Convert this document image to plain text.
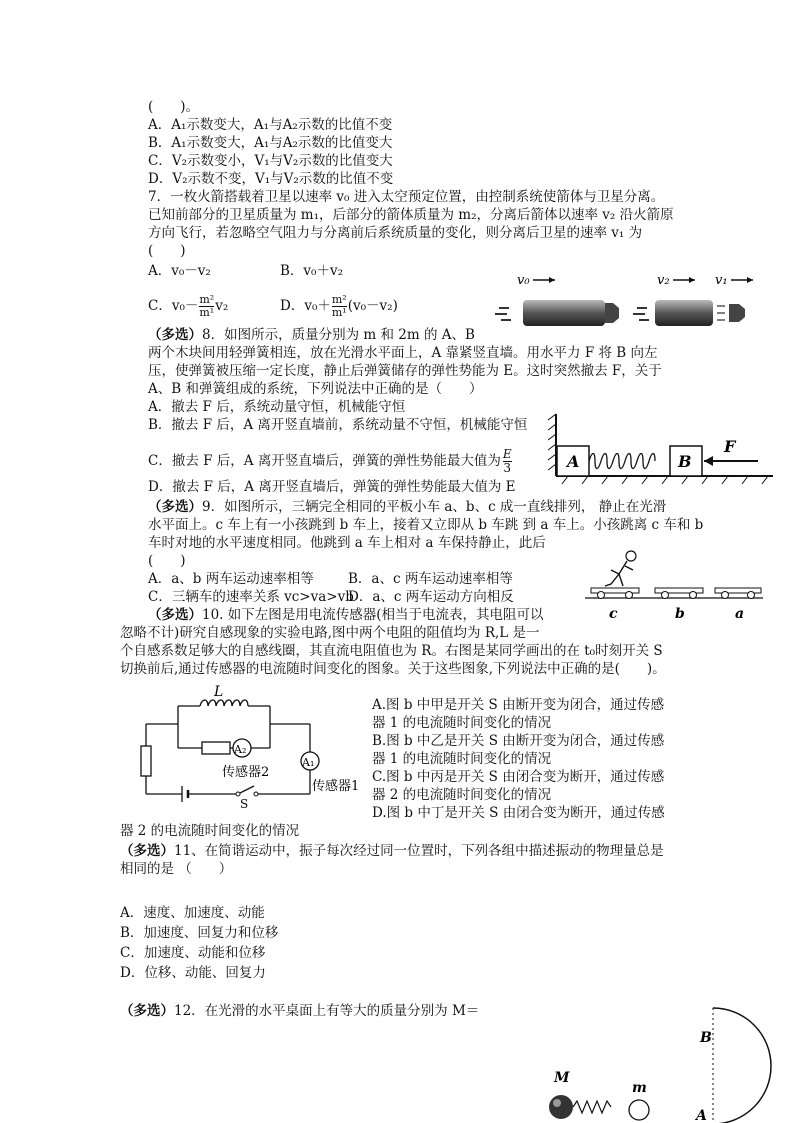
(　　)。
A．A₁示数变大，A₁与A₂示数的比值不变
B．A₁示数变大，A₁与A₂示数的比值变大
C．V₂示数变小，V₁与V₂示数的比值变大
D．V₂示数不变，V₁与V₂示数的比值不变
7．一枚火箭搭载着卫星以速率 v₀ 进入太空预定位置，由控制系统使箭体与卫星分离。
已知前部分的卫星质量为 m₁，后部分的箭体质量为 m₂，分离后箭体以速率 v₂ 沿火箭原
方向飞行，若忽略空气阻力与分离前后系统质量的变化，则分离后卫星的速率 v₁ 为
(　　)
A．v₀－v₂	B．v₀＋v₂
C．$v_0- \frac{\text{m²}}{\text{m¹}} v_2$	D．$v_0+ \frac{\text{m²}}{\text{m¹}} (v_0-v_2)$
v₀	v₂	v₁
（多选）8．如图所示，质量分别为 m 和 2m 的 A、B
两个木块间用轻弹簧相连，放在光滑水平面上，A 靠紧竖直墙。用水平力 F 将 B 向左
压，使弹簧被压缩一定长度，静止后弹簧储存的弹性势能为 E。这时突然撤去 F，关于
A、B 和弹簧组成的系统，下列说法中正确的是（　　）
A．撤去 F 后，系统动量守恒，机械能守恒
B．撤去 F 后，A 离开竖直墙前，系统动量不守恒，机械能守恒
C．撤去 F 后，A 离开竖直墙后，弹簧的弹性势能最大值为 $\frac{E}{3}$
D．撤去 F 后，A 离开竖直墙后，弹簧的弹性势能最大值为 E
A	B
F
（多选）9．如图所示，三辆完全相同的平板小车 a、b、c 成一直线排列， 静止在光滑
水平面上。c 车上有一小孩跳到 b 车上，接着又立即从 b 车跳 到 a 车上。小孩跳离 c 车和 b
车时对地的水平速度相同。他跳到 a 车上相对 a 车保持静止，此后
(　　)
A．a、b 两车运动速率相等	B．a、c 两车运动速率相等
C．三辆车的速率关系 vc>va>vb
D．a、c 两车运动方向相反
c	b	a
（多选）10. 如下左图是用电流传感器(相当于电流表，其电阻可以
忽略不计)研究自感现象的实验电路,图中两个电阻的阻值均为 R,L 是一
个自感系数足够大的自感线圈，其直流电阻值也为 R。右图是某同学画出的在 t₀时刻开关 S
切换前后,通过传感器的电流随时间变化的图象。关于这些图象,下列说法中正确的是(　　)。
L
A₂
S
A₁
传感器2
传感器1
A.图 b 中甲是开关 S 由断开变为闭合，通过传感
器 1 的电流随时间变化的情况
B.图 b 中乙是开关 S 由断开变为闭合，通过传感
器 1 的电流随时间变化的情况
C.图 b 中丙是开关 S 由闭合变为断开，通过传感
器 2 的电流随时间变化的情况
D.图 b 中丁是开关 S 由闭合变为断开，通过传感
器 2 的电流随时间变化的情况
（多选）11、在简谐运动中，振子每次经过同一位置时，下列各组中描述振动的物理量总是
相同的是 （　　）
A．速度、加速度、动能
B．加速度、回复力和位移
C．加速度、动能和位移
D．位移、动能、回复力
（多选）12．在光滑的水平桌面上有等大的质量分别为 M＝
B
A
M
m
